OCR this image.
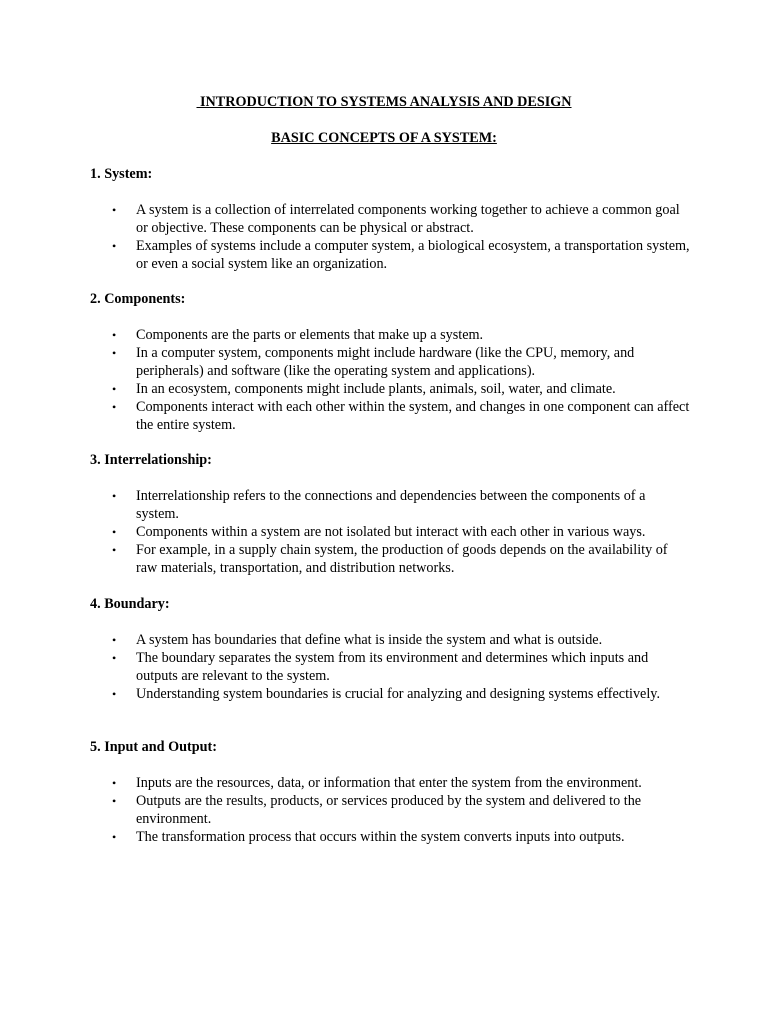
INTRODUCTION TO SYSTEMS ANALYSIS AND DESIGN
BASIC CONCEPTS OF A SYSTEM:

1. System:

• A system is a collection of interrelated components working together to achieve a common goal or objective. These components can be physical or abstract.
• Examples of systems include a computer system, a biological ecosystem, a transportation system, or even a social system like an organization.

2. Components:

• Components are the parts or elements that make up a system.
• In a computer system, components might include hardware (like the CPU, memory, and peripherals) and software (like the operating system and applications).
• In an ecosystem, components might include plants, animals, soil, water, and climate.
• Components interact with each other within the system, and changes in one component can affect the entire system.

3. Interrelationship:

• Interrelationship refers to the connections and dependencies between the components of a system.
• Components within a system are not isolated but interact with each other in various ways.
• For example, in a supply chain system, the production of goods depends on the availability of raw materials, transportation, and distribution networks.

4. Boundary:

• A system has boundaries that define what is inside the system and what is outside.
• The boundary separates the system from its environment and determines which inputs and outputs are relevant to the system.
• Understanding system boundaries is crucial for analyzing and designing systems effectively.

5. Input and Output:

• Inputs are the resources, data, or information that enter the system from the environment.
• Outputs are the results, products, or services produced by the system and delivered to the environment.
• The transformation process that occurs within the system converts inputs into outputs.
